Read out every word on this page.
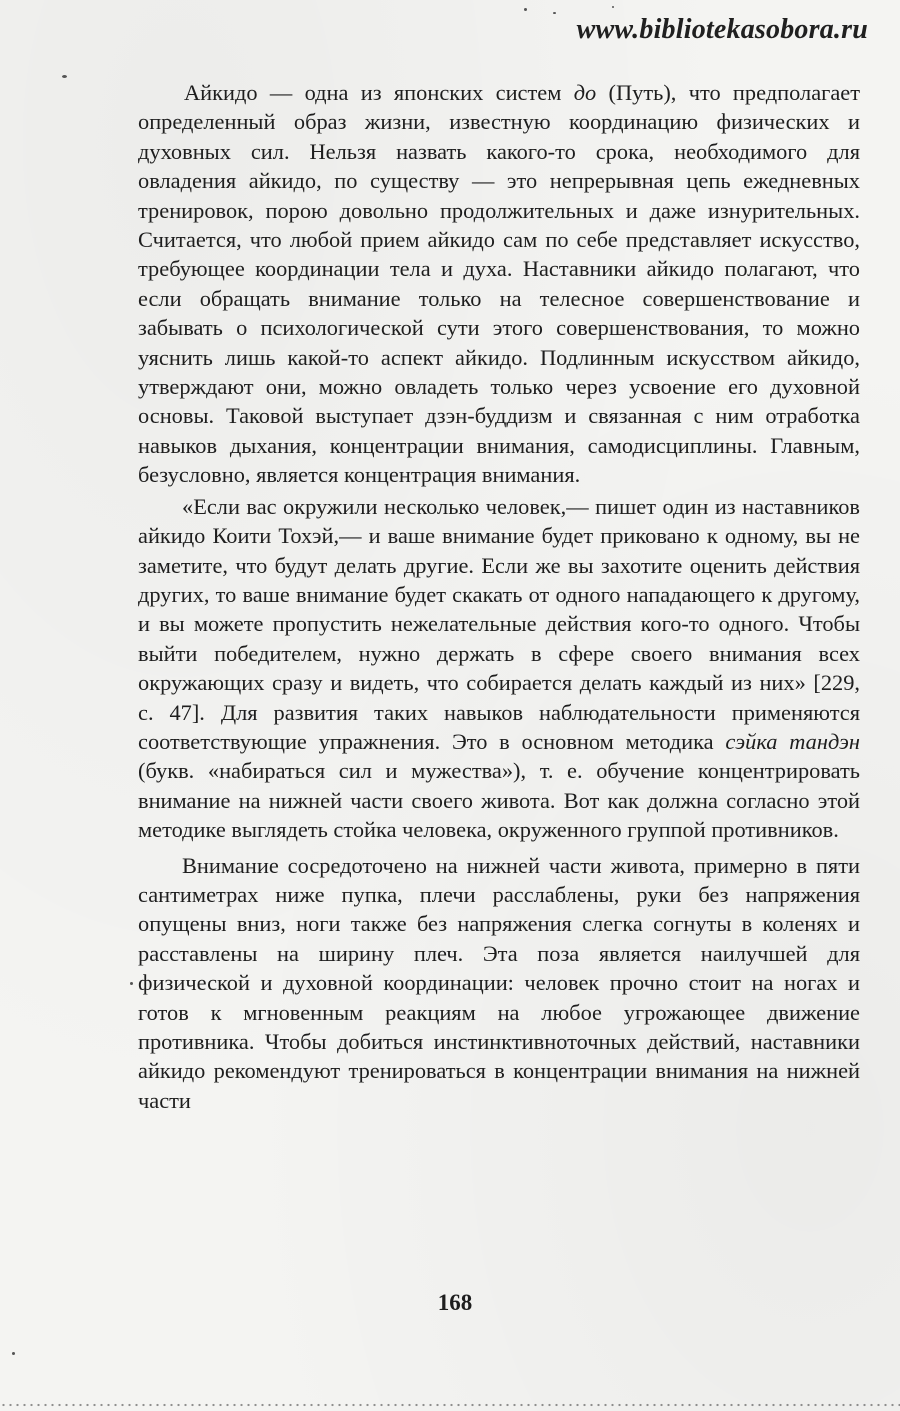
www.bibliotekasobora.ru

Айкидо — одна из японских систем до (Путь), что предполагает определенный образ жизни, известную координацию физических и духовных сил. Нельзя назвать какого-то срока, необходимого для овладения айкидо, по существу — это непрерывная цепь ежедневных тренировок, порою довольно продолжительных и даже изнурительных. Считается, что любой прием айкидо сам по себе представляет искусство, требующее координации тела и духа. Наставники айкидо полагают, что если обращать внимание только на телесное совершенствование и забывать о психологической сути этого совершенствования, то можно уяснить лишь какой-то аспект айкидо. Подлинным искусством айкидо, утверждают они, можно овладеть только через усвоение его духовной основы. Таковой выступает дзэн-буддизм и связанная с ним отработка навыков дыхания, концентрации внимания, самодисциплины. Главным, безусловно, является концентрация внимания.

«Если вас окружили несколько человек,— пишет один из наставников айкидо Коити Тохэй,— и ваше внимание будет приковано к одному, вы не заметите, что будут делать другие. Если же вы захотите оценить действия других, то ваше внимание будет скакать от одного нападающего к другому, и вы можете пропустить нежелательные действия кого-то одного. Чтобы выйти победителем, нужно держать в сфере своего внимания всех окружающих сразу и видеть, что собирается делать каждый из них» [229, с. 47]. Для развития таких навыков наблюдательности применяются соответствующие упражнения. Это в основном методика сэйка тандэн (букв. «набираться сил и мужества»), т. е. обучение концентрировать внимание на нижней части своего живота. Вот как должна согласно этой методике выглядеть стойка человека, окруженного группой противников.

Внимание сосредоточено на нижней части живота, примерно в пяти сантиметрах ниже пупка, плечи расслаблены, руки без напряжения опущены вниз, ноги также без напряжения слегка согнуты в коленях и расставлены на ширину плеч. Эта поза является наилучшей для физической и духовной координации: человек прочно стоит на ногах и готов к мгновенным реакциям на любое угрожающее движение противника. Чтобы добиться инстинктивноточных действий, наставники айкидо рекомендуют тренироваться в концентрации внимания на нижней части

168
